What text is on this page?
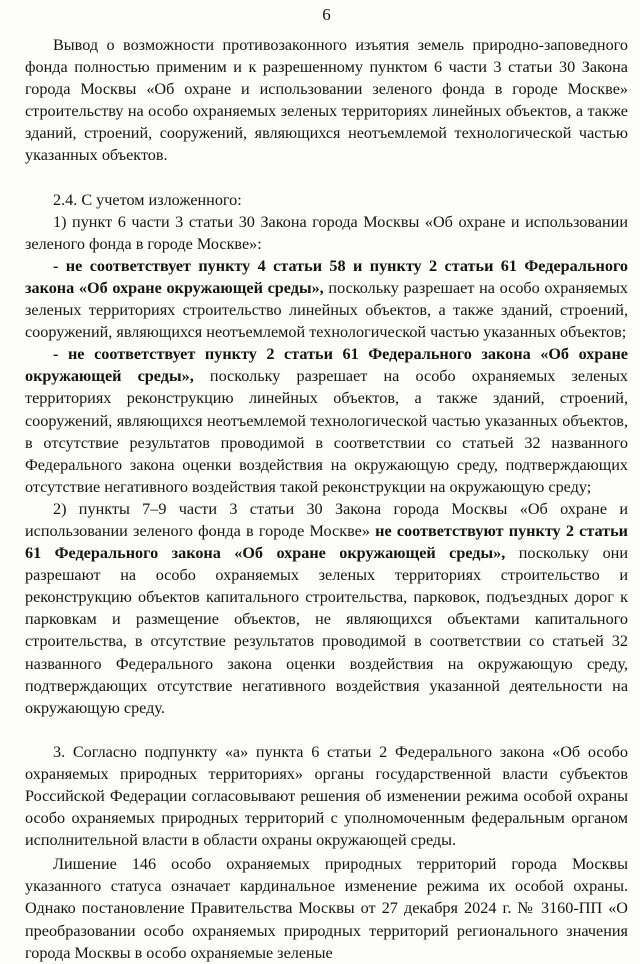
6

Вывод о возможности противозаконного изъятия земель природно-заповедного фонда полностью применим и к разрешенному пунктом 6 части 3 статьи 30 Закона города Москвы «Об охране и использовании зеленого фонда в городе Москве» строительству на особо охраняемых зеленых территориях линейных объектов, а также зданий, строений, сооружений, являющихся неотъемлемой технологической частью указанных объектов.

2.4. С учетом изложенного:

1) пункт 6 части 3 статьи 30 Закона города Москвы «Об охране и использовании зеленого фонда в городе Москве»:

- не соответствует пункту 4 статьи 58 и пункту 2 статьи 61 Федерального закона «Об охране окружающей среды», поскольку разрешает на особо охраняемых зеленых территориях строительство линейных объектов, а также зданий, строений, сооружений, являющихся неотъемлемой технологической частью указанных объектов;

- не соответствует пункту 2 статьи 61 Федерального закона «Об охране окружающей среды», поскольку разрешает на особо охраняемых зеленых территориях реконструкцию линейных объектов, а также зданий, строений, сооружений, являющихся неотъемлемой технологической частью указанных объектов, в отсутствие результатов проводимой в соответствии со статьей 32 названного Федерального закона оценки воздействия на окружающую среду, подтверждающих отсутствие негативного воздействия такой реконструкции на окружающую среду;

2) пункты 7–9 части 3 статьи 30 Закона города Москвы «Об охране и использовании зеленого фонда в городе Москве» не соответствуют пункту 2 статьи 61 Федерального закона «Об охране окружающей среды», поскольку они разрешают на особо охраняемых зеленых территориях строительство и реконструкцию объектов капитального строительства, парковок, подъездных дорог к парковкам и размещение объектов, не являющихся объектами капитального строительства, в отсутствие результатов проводимой в соответствии со статьей 32 названного Федерального закона оценки воздействия на окружающую среду, подтверждающих отсутствие негативного воздействия указанной деятельности на окружающую среду.

3. Согласно подпункту «а» пункта 6 статьи 2 Федерального закона «Об особо охраняемых природных территориях» органы государственной власти субъектов Российской Федерации согласовывают решения об изменении режима особой охраны особо охраняемых природных территорий с уполномоченным федеральным органом исполнительной власти в области охраны окружающей среды.

Лишение 146 особо охраняемых природных территорий города Москвы указанного статуса означает кардинальное изменение режима их особой охраны. Однако постановление Правительства Москвы от 27 декабря 2024 г. № 3160-ПП «О преобразовании особо охраняемых природных территорий регионального значения города Москвы в особо охраняемые зеленые
